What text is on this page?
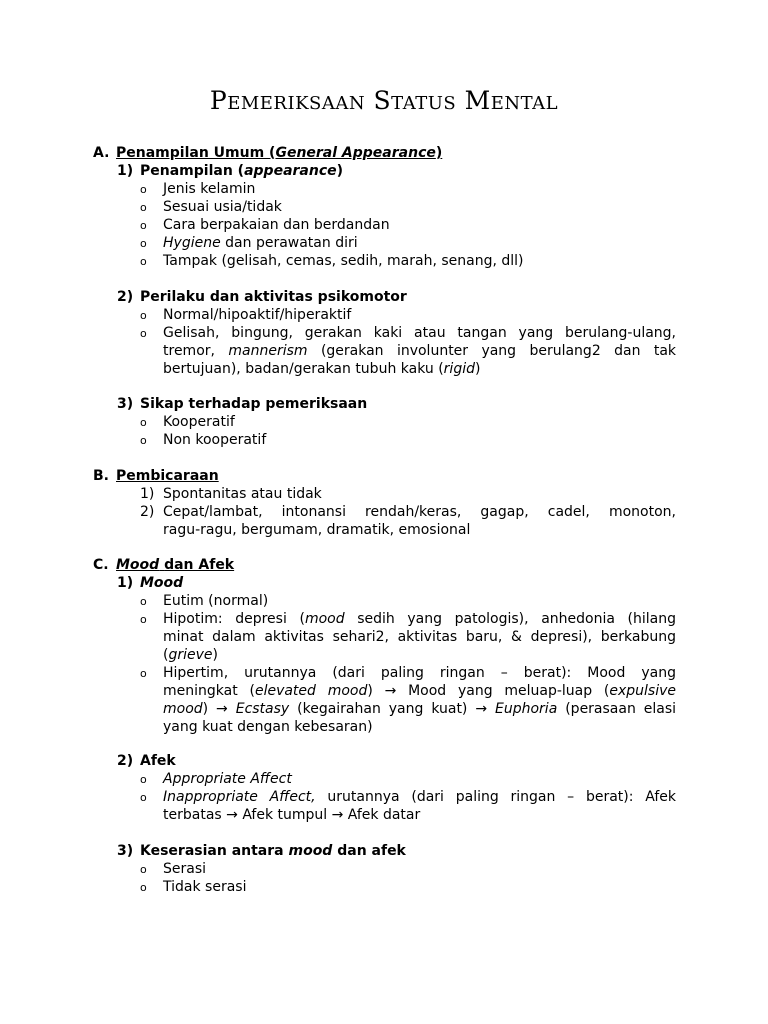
Pemeriksaan Status Mental
A. Penampilan Umum (General Appearance)
1) Penampilan (appearance)
o Jenis kelamin
o Sesuai usia/tidak
o Cara berpakaian dan berdandan
o Hygiene dan perawatan diri
o Tampak (gelisah, cemas, sedih, marah, senang, dll)
2) Perilaku dan aktivitas psikomotor
o Normal/hipoaktif/hiperaktif
o Gelisah, bingung, gerakan kaki atau tangan yang berulang-ulang,
tremor, mannerism (gerakan involunter yang berulang2 dan tak
bertujuan), badan/gerakan tubuh kaku (rigid)
3) Sikap terhadap pemeriksaan
o Kooperatif
o Non kooperatif
B. Pembicaraan
1) Spontanitas atau tidak
2) Cepat/lambat, intonansi rendah/keras, gagap, cadel, monoton,
ragu-ragu, bergumam, dramatik, emosional
C. Mood dan Afek
1) Mood
o Eutim (normal)
o Hipotim: depresi (mood sedih yang patologis), anhedonia (hilang
minat dalam aktivitas sehari2, aktivitas baru, & depresi), berkabung
(grieve)
o Hipertim, urutannya (dari paling ringan – berat): Mood yang
meningkat (elevated mood) → Mood yang meluap-luap (expulsive
mood) → Ecstasy (kegairahan yang kuat) → Euphoria (perasaan elasi
yang kuat dengan kebesaran)
2) Afek
o Appropriate Affect
o Inappropriate Affect, urutannya (dari paling ringan – berat): Afek
terbatas → Afek tumpul → Afek datar
3) Keserasian antara mood dan afek
o Serasi
o Tidak serasi
